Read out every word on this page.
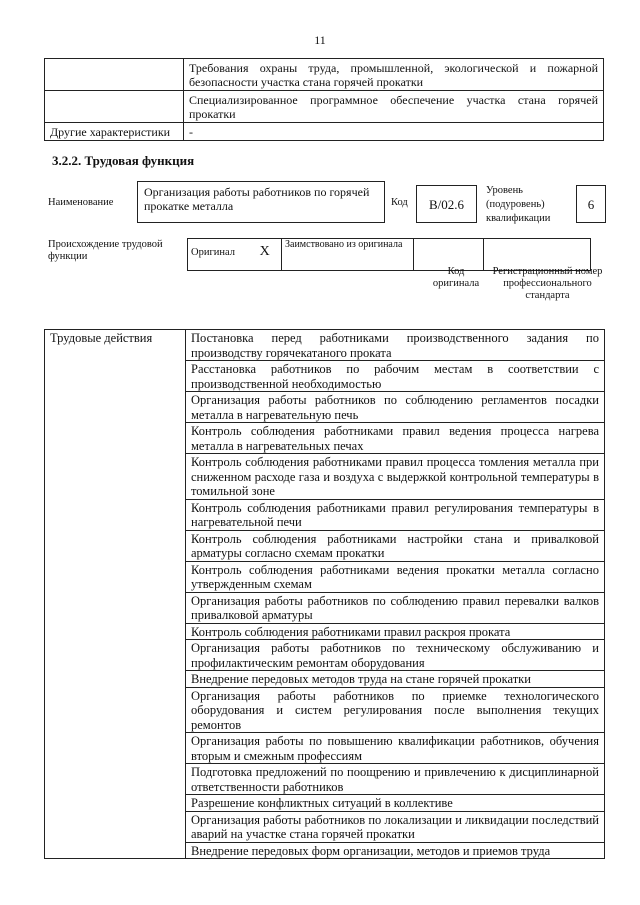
11
	Требования охраны труда, промышленной, экологической и пожарной безопасности участка стана горячей прокатки
	Специализированное программное обеспечение участка стана горячей прокатки
Другие характеристики	-
3.2.2. Трудовая функция
Наименование
Организация работы работников по горячей прокатке металла	Код	В/02.6
Уровень (подуровень) квалификации
6
Происхождение трудовой функции	Оригинал X	Заимствовано из оригинала		
Код оригинала
Регистрационный номер профессионального стандарта
Трудовые действия	Постановка перед работниками производственного задания по производству горячекатаного проката
Расстановка работников по рабочим местам в соответствии с производственной необходимостью
Организация работы работников по соблюдению регламентов посадки металла в нагревательную печь
Контроль соблюдения работниками правил ведения процесса нагрева металла в нагревательных печах
Контроль соблюдения работниками правил процесса томления металла при сниженном расходе газа и воздуха с выдержкой контрольной температуры в томильной зоне
Контроль соблюдения работниками правил регулирования температуры в нагревательной печи
Контроль соблюдения работниками настройки стана и привалковой арматуры согласно схемам прокатки
Контроль соблюдения работниками ведения прокатки металла согласно утвержденным схемам
Организация работы работников по соблюдению правил перевалки валков привалковой арматуры
Контроль соблюдения работниками правил раскроя проката
Организация работы работников по техническому обслуживанию и профилактическим ремонтам оборудования
Внедрение передовых методов труда на стане горячей прокатки
Организация работы работников по приемке технологического оборудования и систем регулирования после выполнения текущих ремонтов
Организация работы по повышению квалификации работников, обучения вторым и смежным профессиям
Подготовка предложений по поощрению и привлечению к дисциплинарной ответственности работников
Разрешение конфликтных ситуаций в коллективе
Организация работы работников по локализации и ликвидации последствий аварий на участке стана горячей прокатки
Внедрение передовых форм организации, методов и приемов труда
